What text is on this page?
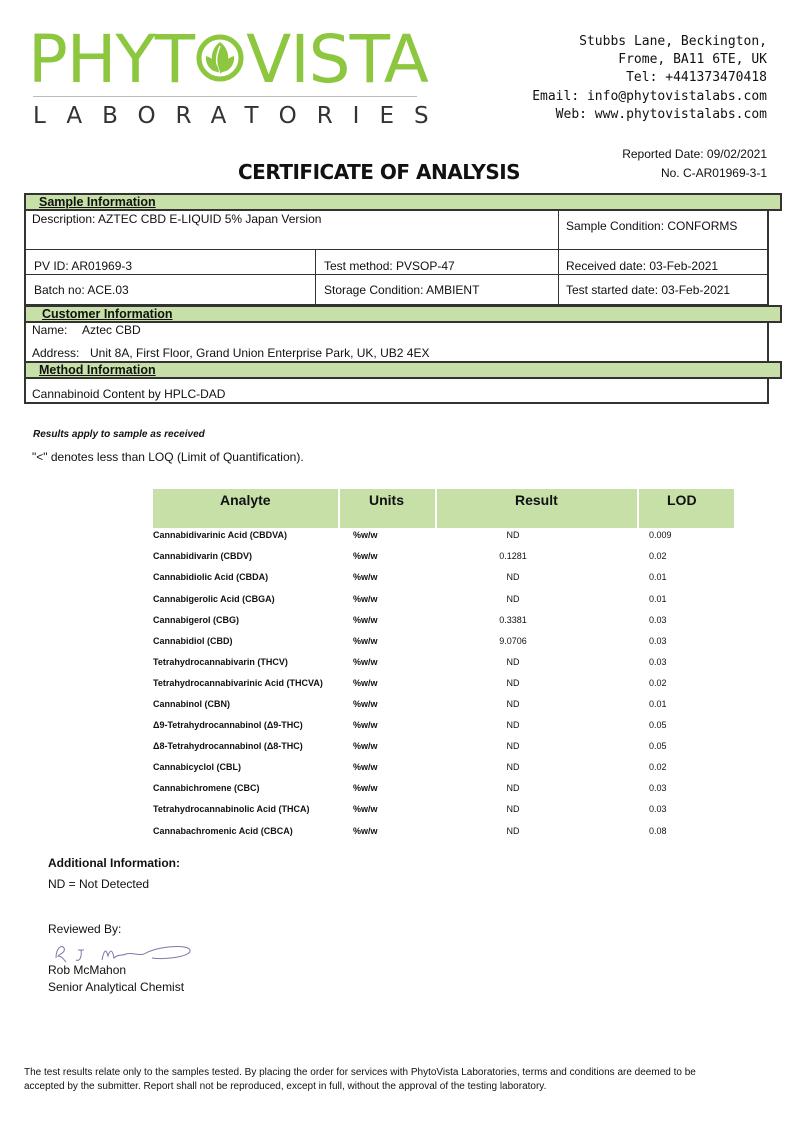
PHYT VISTA
LABORATORIES
Stubbs Lane, Beckington,
Frome, BA11 6TE, UK
Tel: +441373470418
Email: info@phytovistalabs.com
Web: www.phytovistalabs.com
CERTIFICATE OF ANALYSIS
Reported Date: 09/02/2021
No. C-AR01969-3-1
Sample Information
Description: AZTEC CBD E-LIQUID 5% Japan Version	Sample Condition: CONFORMS
PV ID: AR01969-3	Test method: PVSOP-47	Received date: 03-Feb-2021
Batch no: ACE.03	Storage Condition: AMBIENT	Test started date: 03-Feb-2021
Customer Information
Name: Aztec CBD
Address: Unit 8A, First Floor, Grand Union Enterprise Park, UK, UB2 4EX
Method Information
Cannabinoid Content by HPLC-DAD
Results apply to sample as received
"<" denotes less than LOQ (Limit of Quantification).
Analyte	Units	Result	LOD
Cannabidivarinic Acid (CBDVA)	%w/w	ND	0.009
Cannabidivarin (CBDV)	%w/w	0.1281	0.02
Cannabidiolic Acid (CBDA)	%w/w	ND	0.01
Cannabigerolic Acid (CBGA)	%w/w	ND	0.01
Cannabigerol (CBG)	%w/w	0.3381	0.03
Cannabidiol (CBD)	%w/w	9.0706	0.03
Tetrahydrocannabivarin (THCV)	%w/w	ND	0.03
Tetrahydrocannabivarinic Acid (THCVA)	%w/w	ND	0.02
Cannabinol (CBN)	%w/w	ND	0.01
Δ9-Tetrahydrocannabinol (Δ9-THC)	%w/w	ND	0.05
Δ8-Tetrahydrocannabinol (Δ8-THC)	%w/w	ND	0.05
Cannabicyclol (CBL)	%w/w	ND	0.02
Cannabichromene (CBC)	%w/w	ND	0.03
Tetrahydrocannabinolic Acid (THCA)	%w/w	ND	0.03
Cannabachromenic Acid (CBCA)	%w/w	ND	0.08
Additional Information:
ND = Not Detected
Reviewed By:
Rob McMahon
Senior Analytical Chemist
The test results relate only to the samples tested. By placing the order for services with PhytoVista Laboratories, terms and conditions are deemed to be accepted by the submitter. Report shall not be reproduced, except in full, without the approval of the testing laboratory.
